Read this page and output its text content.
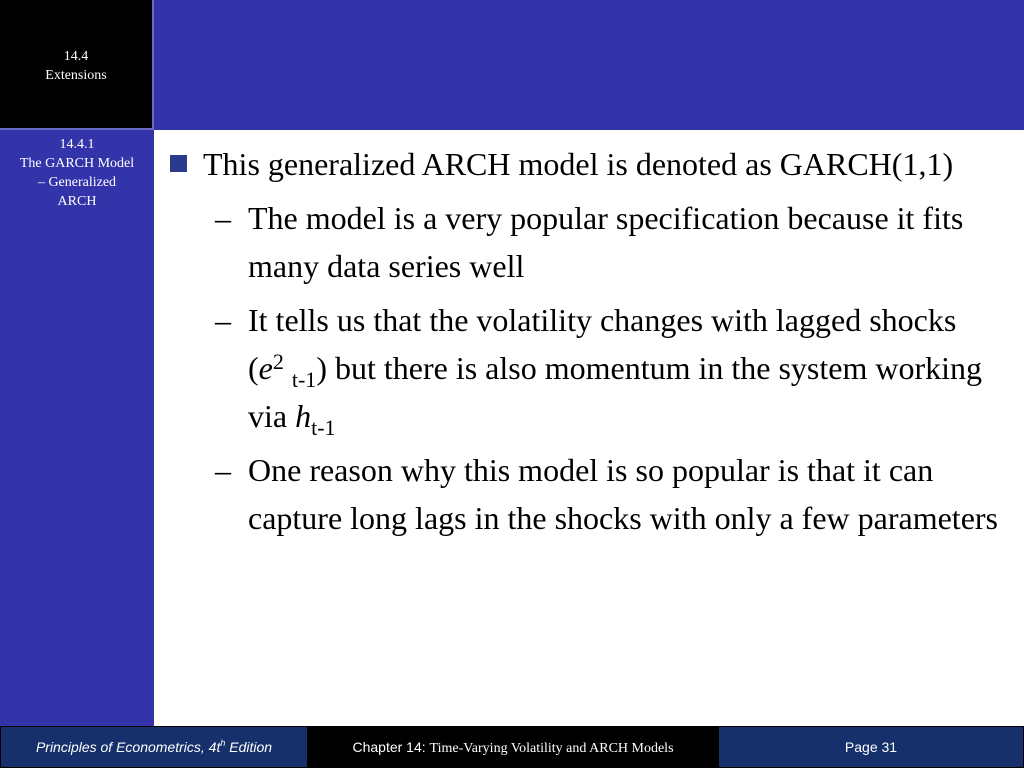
14.4
Extensions
14.4.1
The GARCH Model
– Generalized
ARCH
This generalized ARCH model is denoted as GARCH(1,1)
– The model is a very popular specification because it fits many data series well
– It tells us that the volatility changes with lagged shocks ($e^2$ $_{t-1}$) but there is also momentum in the system working via $h_{t-1}$
– One reason why this model is so popular is that it can capture long lags in the shocks with only a few parameters
Principles of Econometrics, $4t^h$ Edition	Chapter 14: Time-Varying Volatility and ARCH Models	Page 31
